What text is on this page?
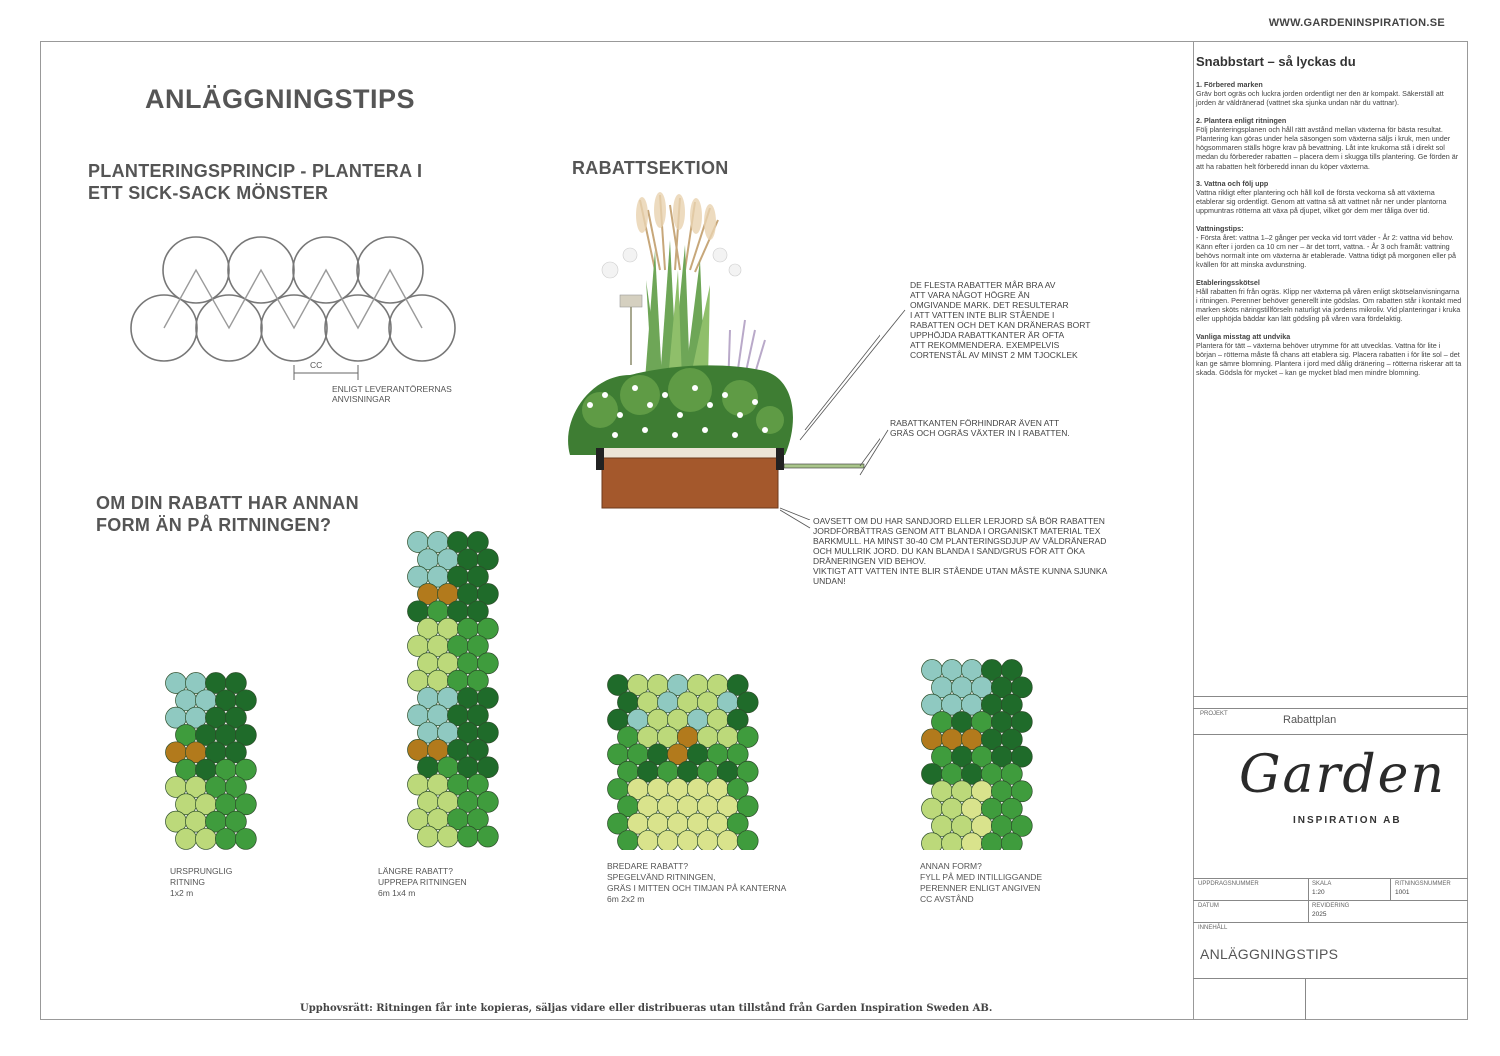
WWW.GARDENINSPIRATION.SE
ANLÄGGNINGSTIPS
PLANTERINGSPRINCIP - PLANTERA I
ETT SICK-SACK MÖNSTER
CC
ENLIGT LEVERANTÖRERNAS
ANVISNINGAR
RABATTSEKTION
DE FLESTA RABATTER MÅR BRA AV
ATT VARA NÅGOT HÖGRE ÄN
OMGIVANDE MARK. DET RESULTERAR
I ATT VATTEN INTE BLIR STÅENDE I
RABATTEN OCH DET KAN DRÄNERAS BORT
UPPHÖJDA RABATTKANTER ÄR OFTA
ATT REKOMMENDERA. EXEMPELVIS
CORTENSTÅL AV MINST 2 MM TJOCKLEK
RABATTKANTEN FÖRHINDRAR ÄVEN ATT
GRÄS OCH OGRÄS VÄXTER IN I RABATTEN.
OAVSETT OM DU HAR SANDJORD ELLER LERJORD SÅ BÖR RABATTEN
JORDFÖRBÄTTRAS GENOM ATT BLANDA I ORGANISKT MATERIAL TEX
BARKMULL. HA MINST 30-40 CM PLANTERINGSDJUP AV VÄLDRÄNERAD
OCH MULLRIK JORD. DU KAN BLANDA I SAND/GRUS FÖR ATT ÖKA
DRÄNERINGEN VID BEHOV.
VIKTIGT ATT VATTEN INTE BLIR STÅENDE UTAN MÅSTE KUNNA SJUNKA
UNDAN!
OM DIN RABATT HAR ANNAN
FORM ÄN PÅ RITNINGEN?
URSPRUNGLIG
RITNING
1x2 m
LÄNGRE RABATT?
UPPREPA RITNINGEN
6m 1x4 m
BREDARE RABATT?
SPEGELVÄND RITNINGEN,
GRÄS I MITTEN OCH TIMJAN PÅ KANTERNA
6m 2x2 m
ANNAN FORM?
FYLL PÅ MED INTILLIGGANDE
PERENNER ENLIGT ANGIVEN
CC AVSTÅND
Upphovsrätt: Ritningen får inte kopieras, säljas vidare eller distribueras utan tillstånd från Garden Inspiration Sweden AB.
Snabbstart – så lyckas du
1. Förbered marken
Gräv bort ogräs och luckra jorden ordentligt ner den är kompakt. Säkerställ att jorden är väldränerad (vattnet ska sjunka undan när du vattnar).
2. Plantera enligt ritningen
Följ planteringsplanen och håll rätt avstånd mellan växterna för bästa resultat. Plantering kan göras under hela säsongen som växterna säljs i kruk, men under högsommaren ställs högre krav på bevattning. Låt inte krukorna stå i direkt sol medan du förbereder rabatten – placera dem i skugga tills plantering. Ge förden är att ha rabatten helt förberedd innan du köper växterna.
3. Vattna och följ upp
Vattna rikligt efter plantering och håll koll de första veckorna så att växterna etablerar sig ordentligt. Genom att vattna så att vattnet når ner under plantorna uppmuntras rötterna att växa på djupet, vilket gör dem mer tåliga över tid.
Vattningstips:
- Första året: vattna 1–2 gånger per vecka vid torrt väder - År 2: vattna vid behov. Känn efter i jorden ca 10 cm ner – är det torrt, vattna. - År 3 och framåt: vattning behövs normalt inte om växterna är etablerade. Vattna tidigt på morgonen eller på kvällen för att minska avdunstning.
Etableringsskötsel
Håll rabatten fri från ogräs. Klipp ner växterna på våren enligt skötselanvisningarna i ritningen. Perenner behöver generellt inte gödslas. Om rabatten står i kontakt med marken sköts näringstillförseln naturligt via jordens mikroliv. Vid planteringar i kruka eller upphöjda bäddar kan lätt gödsling på våren vara fördelaktig.
Vanliga misstag att undvika
Plantera för tätt – växterna behöver utrymme för att utvecklas. Vattna för lite i början – rötterna måste få chans att etablera sig. Placera rabatten i för lite sol – det kan ge sämre blomning. Plantera i jord med dålig dränering – rötterna riskerar att ta skada. Gödsla för mycket – kan ge mycket blad men mindre blomning.
PROJEKT	Rabattplan
Garden
INSPIRATION AB
UPPDRAGSNUMMER	SKALA
1:20
DATUM
2025
REVIDERING
RITNINGSNUMMER
1001
INNEHÅLL
ANLÄGGNINGSTIPS
